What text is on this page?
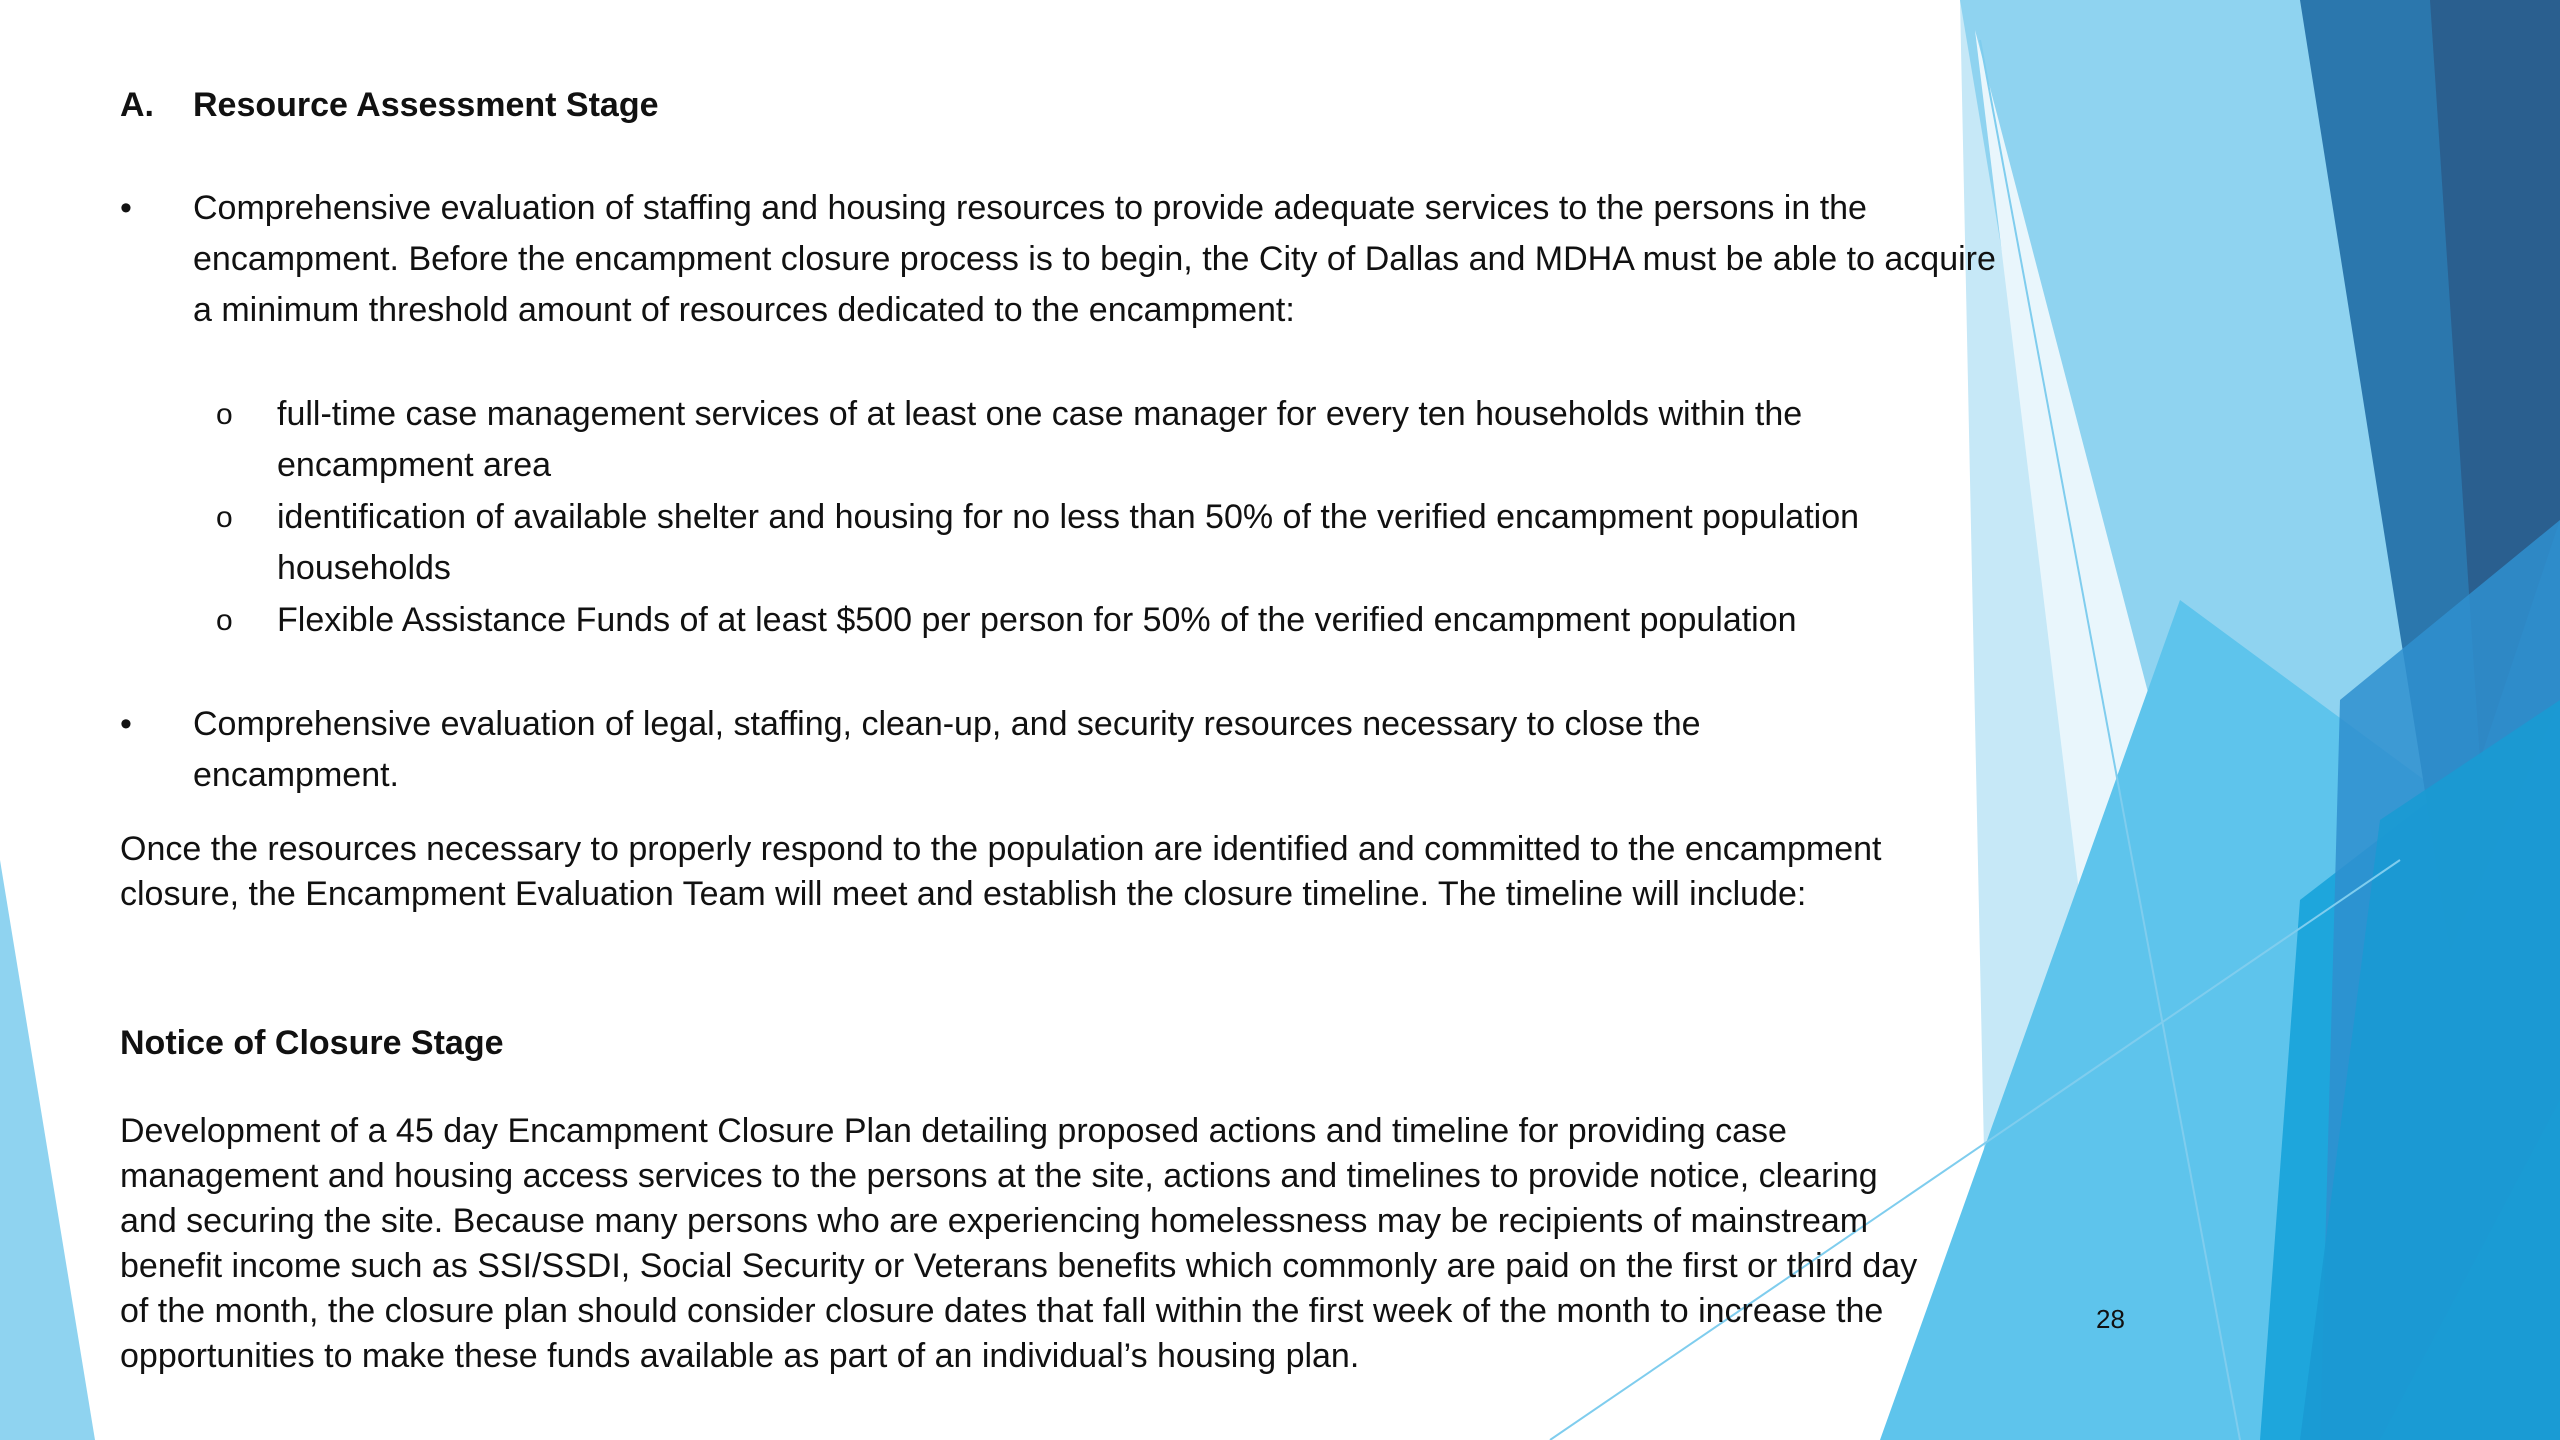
A. Resource Assessment Stage
•	Comprehensive evaluation of staffing and housing resources to provide adequate services to the persons in the encampment. Before the encampment closure process is to begin, the City of Dallas and MDHA must be able to acquire a minimum threshold amount of resources dedicated to the encampment:
o	full-time case management services of at least one case manager for every ten households within the encampment area
o	identification of available shelter and housing for no less than 50% of the verified encampment population households
o	Flexible Assistance Funds of at least $500 per person for 50% of the verified encampment population
•	Comprehensive evaluation of legal, staffing, clean-up, and security resources necessary to close the encampment.
Once the resources necessary to properly respond to the population are identified and committed to the encampment closure, the Encampment Evaluation Team will meet and establish the closure timeline. The timeline will include:
Notice of Closure Stage
Development of a 45 day Encampment Closure Plan detailing proposed actions and timeline for providing case management and housing access services to the persons at the site, actions and timelines to provide notice, clearing and securing the site. Because many persons who are experiencing homelessness may be recipients of mainstream benefit income such as SSI/SSDI, Social Security or Veterans benefits which commonly are paid on the first or third day of the month, the closure plan should consider closure dates that fall within the first week of the month to increase the opportunities to make these funds available as part of an individual’s housing plan.
28
